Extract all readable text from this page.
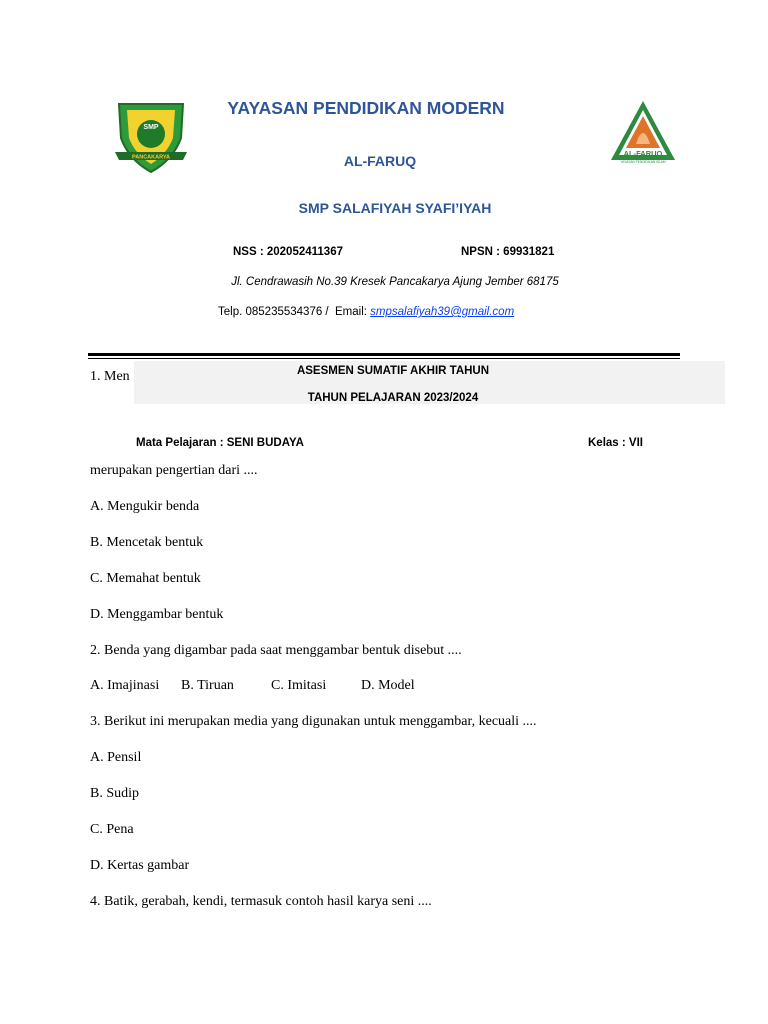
SMP
PANCAKARYA	AL-FARUQ
YAYASAN PENDIDIKAN ISLAM
YAYASAN PENDIDIKAN MODERN
AL-FARUQ
SMP SALAFIYAH SYAFI’IYAH
NSS : 202052411367	NPSN : 69931821
Jl. Cendrawasih No.39 Kresek Pancakarya Ajung Jember 68175
Telp. 085235534376 /  Email: smpsalafiyah39@gmail.com
1. Men	ASESMEN SUMATIF AKHIR TAHUN
TAHUN PELAJARAN 2023/2024
Mata Pelajaran : SENI BUDAYA	Kelas : VII
merupakan pengertian dari ....
A. Mengukir benda
B. Mencetak bentuk
C. Memahat bentuk
D. Menggambar bentuk
2. Benda yang digambar pada saat menggambar bentuk disebut ....
A. Imajinasi B. Tiruan	C. Imitasi D. Model
3. Berikut ini merupakan media yang digunakan untuk menggambar, kecuali ....
A. Pensil
B. Sudip
C. Pena
D. Kertas gambar
4. Batik, gerabah, kendi, termasuk contoh hasil karya seni ....
